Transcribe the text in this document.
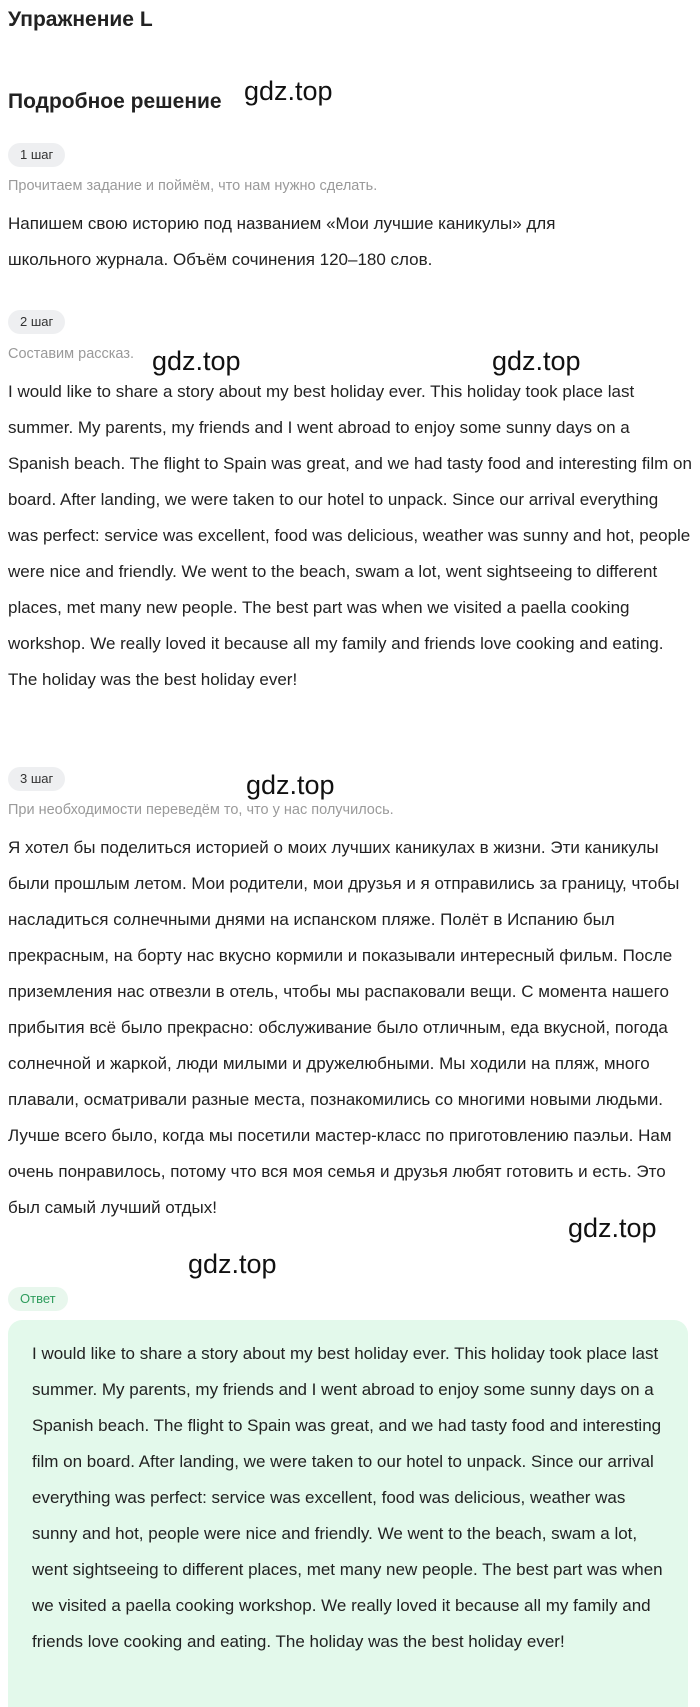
Упражнение L
Подробное решение
1 шаг
Прочитаем задание и поймём, что нам нужно сделать.
Напишем свою историю под названием «Мои лучшие каникулы» для школьного журнала. Объём сочинения 120–180 слов.
2 шаг
Составим рассказ.
I would like to share a story about my best holiday ever. This holiday took place last summer. My parents, my friends and I went abroad to enjoy some sunny days on a Spanish beach. The flight to Spain was great, and we had tasty food and interesting film on board. After landing, we were taken to our hotel to unpack. Since our arrival everything was perfect: service was excellent, food was delicious, weather was sunny and hot, people were nice and friendly. We went to the beach, swam a lot, went sightseeing to different places, met many new people. The best part was when we visited a paella cooking workshop. We really loved it because all my family and friends love cooking and eating. The holiday was the best holiday ever!
3 шаг
При необходимости переведём то, что у нас получилось.
Я хотел бы поделиться историей о моих лучших каникулах в жизни. Эти каникулы были прошлым летом. Мои родители, мои друзья и я отправились за границу, чтобы насладиться солнечными днями на испанском пляже. Полёт в Испанию был прекрасным, на борту нас вкусно кормили и показывали интересный фильм. После приземления нас отвезли в отель, чтобы мы распаковали вещи. С момента нашего прибытия всё было прекрасно: обслуживание было отличным, еда вкусной, погода солнечной и жаркой, люди милыми и дружелюбными. Мы ходили на пляж, много плавали, осматривали разные места, познакомились со многими новыми людьми. Лучше всего было, когда мы посетили мастер-класс по приготовлению паэльи. Нам очень понравилось, потому что вся моя семья и друзья любят готовить и есть. Это был самый лучший отдых!
Ответ
I would like to share a story about my best holiday ever. This holiday took place last summer. My parents, my friends and I went abroad to enjoy some sunny days on a Spanish beach. The flight to Spain was great, and we had tasty food and interesting film on board. After landing, we were taken to our hotel to unpack. Since our arrival everything was perfect: service was excellent, food was delicious, weather was sunny and hot, people were nice and friendly. We went to the beach, swam a lot, went sightseeing to different places, met many new people. The best part was when we visited a paella cooking workshop. We really loved it because all my family and friends love cooking and eating. The holiday was the best holiday ever!
gdz.top
gdz.top	gdz.top
gdz.top
gdz.top
gdz.top
